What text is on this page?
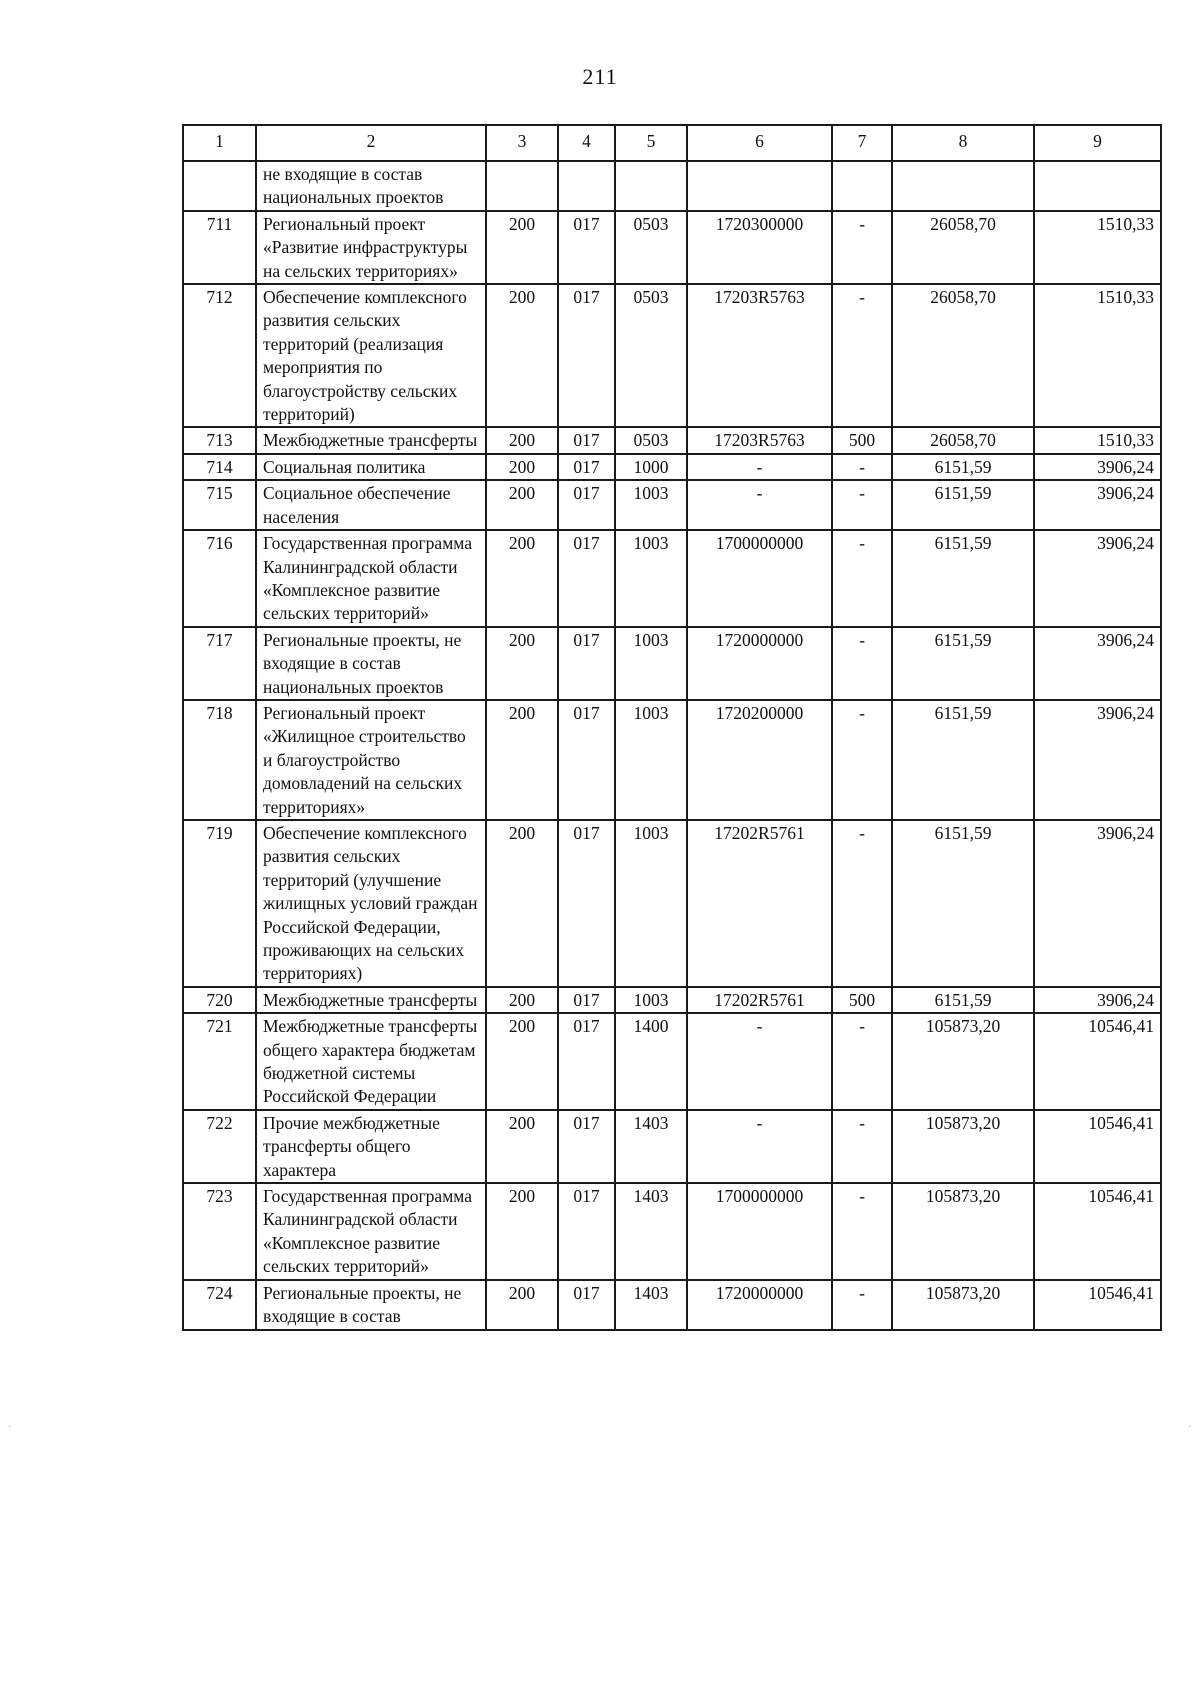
211
1	2	3	4	5	6	7	8	9
	не входящие в состав национальных проектов							
711	Региональный проект «Развитие инфраструктуры на сельских территориях»	200	017	0503	1720300000	-	26058,70	1510,33
712	Обеспечение комплексного развития сельских территорий (реализация мероприятия по благоустройству сельских территорий)	200	017	0503	17203R5763	-	26058,70	1510,33
713	Межбюджетные трансферты	200	017	0503	17203R5763	500	26058,70	1510,33
714	Социальная политика	200	017	1000	-	-	6151,59	3906,24
715	Социальное обеспечение населения	200	017	1003	-	-	6151,59	3906,24
716	Государственная программа Калининградской области «Комплексное развитие сельских территорий»	200	017	1003	1700000000	-	6151,59	3906,24
717	Региональные проекты, не входящие в состав национальных проектов	200	017	1003	1720000000	-	6151,59	3906,24
718	Региональный проект «Жилищное строительство и благоустройство домовладений на сельских территориях»	200	017	1003	1720200000	-	6151,59	3906,24
719	Обеспечение комплексного развития сельских территорий (улучшение жилищных условий граждан Российской Федерации, проживающих на сельских территориях)	200	017	1003	17202R5761	-	6151,59	3906,24
720	Межбюджетные трансферты	200	017	1003	17202R5761	500	6151,59	3906,24
721	Межбюджетные трансферты общего характера бюджетам бюджетной системы Российской Федерации	200	017	1400	-	-	105873,20	10546,41
722	Прочие межбюджетные трансферты общего характера	200	017	1403	-	-	105873,20	10546,41
723	Государственная программа Калининградской области «Комплексное развитие сельских территорий»	200	017	1403	1700000000	-	105873,20	10546,41
724	Региональные проекты, не входящие в состав	200	017	1403	1720000000	-	105873,20	10546,41
·	·
